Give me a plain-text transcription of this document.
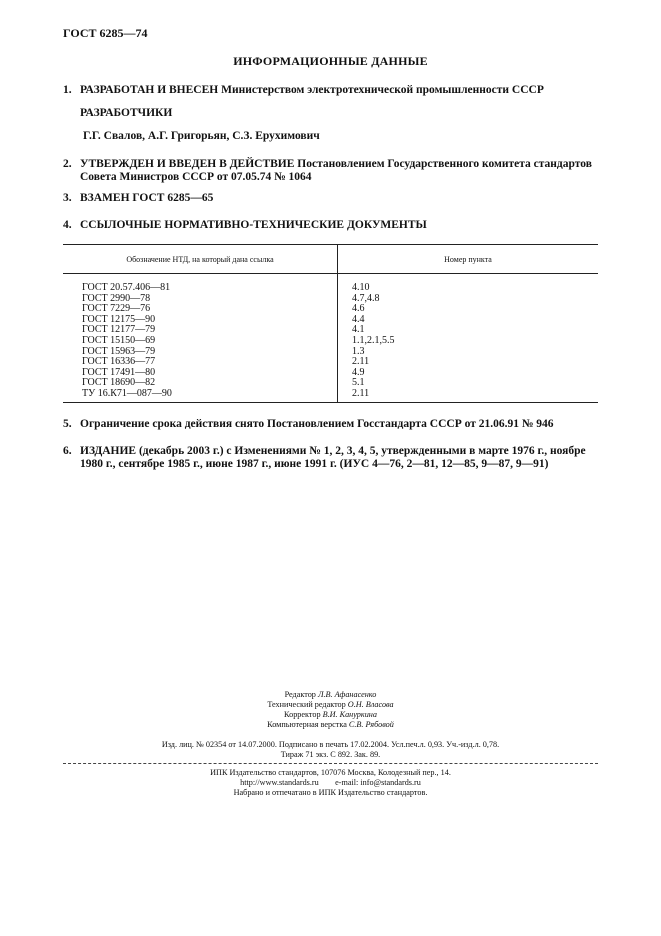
ГОСТ 6285—74
ИНФОРМАЦИОННЫЕ ДАННЫЕ
1. РАЗРАБОТАН И ВНЕСЕН Министерством электротехнической промышленности СССР
РАЗРАБОТЧИКИ
Г.Г. Свалов, А.Г. Григорьян, С.З. Ерухимович
2. УТВЕРЖДЕН И ВВЕДЕН В ДЕЙСТВИЕ Постановлением Государственного комитета стандартов
Совета Министров СССР от 07.05.74 № 1064
3. ВЗАМЕН ГОСТ 6285—65
4. ССЫЛОЧНЫЕ НОРМАТИВНО-ТЕХНИЧЕСКИЕ ДОКУМЕНТЫ
Обозначение НТД, на который дана ссылка	Номер пункта
ГОСТ 20.57.406—81	4.10
ГОСТ 2990—78	4.7,4.8
ГОСТ 7229—76	4.6
ГОСТ 12175—90	4.4
ГОСТ 12177—79	4.1
ГОСТ 15150—69	1.1,2.1,5.5
ГОСТ 15963—79	1.3
ГОСТ 16336—77	2.11
ГОСТ 17491—80	4.9
ГОСТ 18690—82	5.1
ТУ 16.К71—087—90	2.11
5. Ограничение срока действия снято Постановлением Госстандарта СССР от 21.06.91 № 946
6. ИЗДАНИЕ (декабрь 2003 г.) с Изменениями № 1, 2, 3, 4, 5, утвержденными в марте 1976 г., ноябре
1980 г., сентябре 1985 г., июне 1987 г., июне 1991 г. (ИУС 4—76, 2—81, 12—85, 9—87, 9—91)
Редактор Л.В. Афанасенко
Технический редактор О.Н. Власова
Корректор В.И. Кануркина
Компьютерная верстка С.В. Рябовой
Изд. лиц. № 02354 от 14.07.2000. Подписано в печать 17.02.2004. Усл.печ.л. 0,93. Уч.-изд.л. 0,78.
Тираж 71 экз. С 892. Зак. 89.
ИПК Издательство стандартов, 107076 Москва, Колодезный пер., 14.
http://www.standards.ru e-mail: info@standards.ru
Набрано и отпечатано в ИПК Издательство стандартов.
